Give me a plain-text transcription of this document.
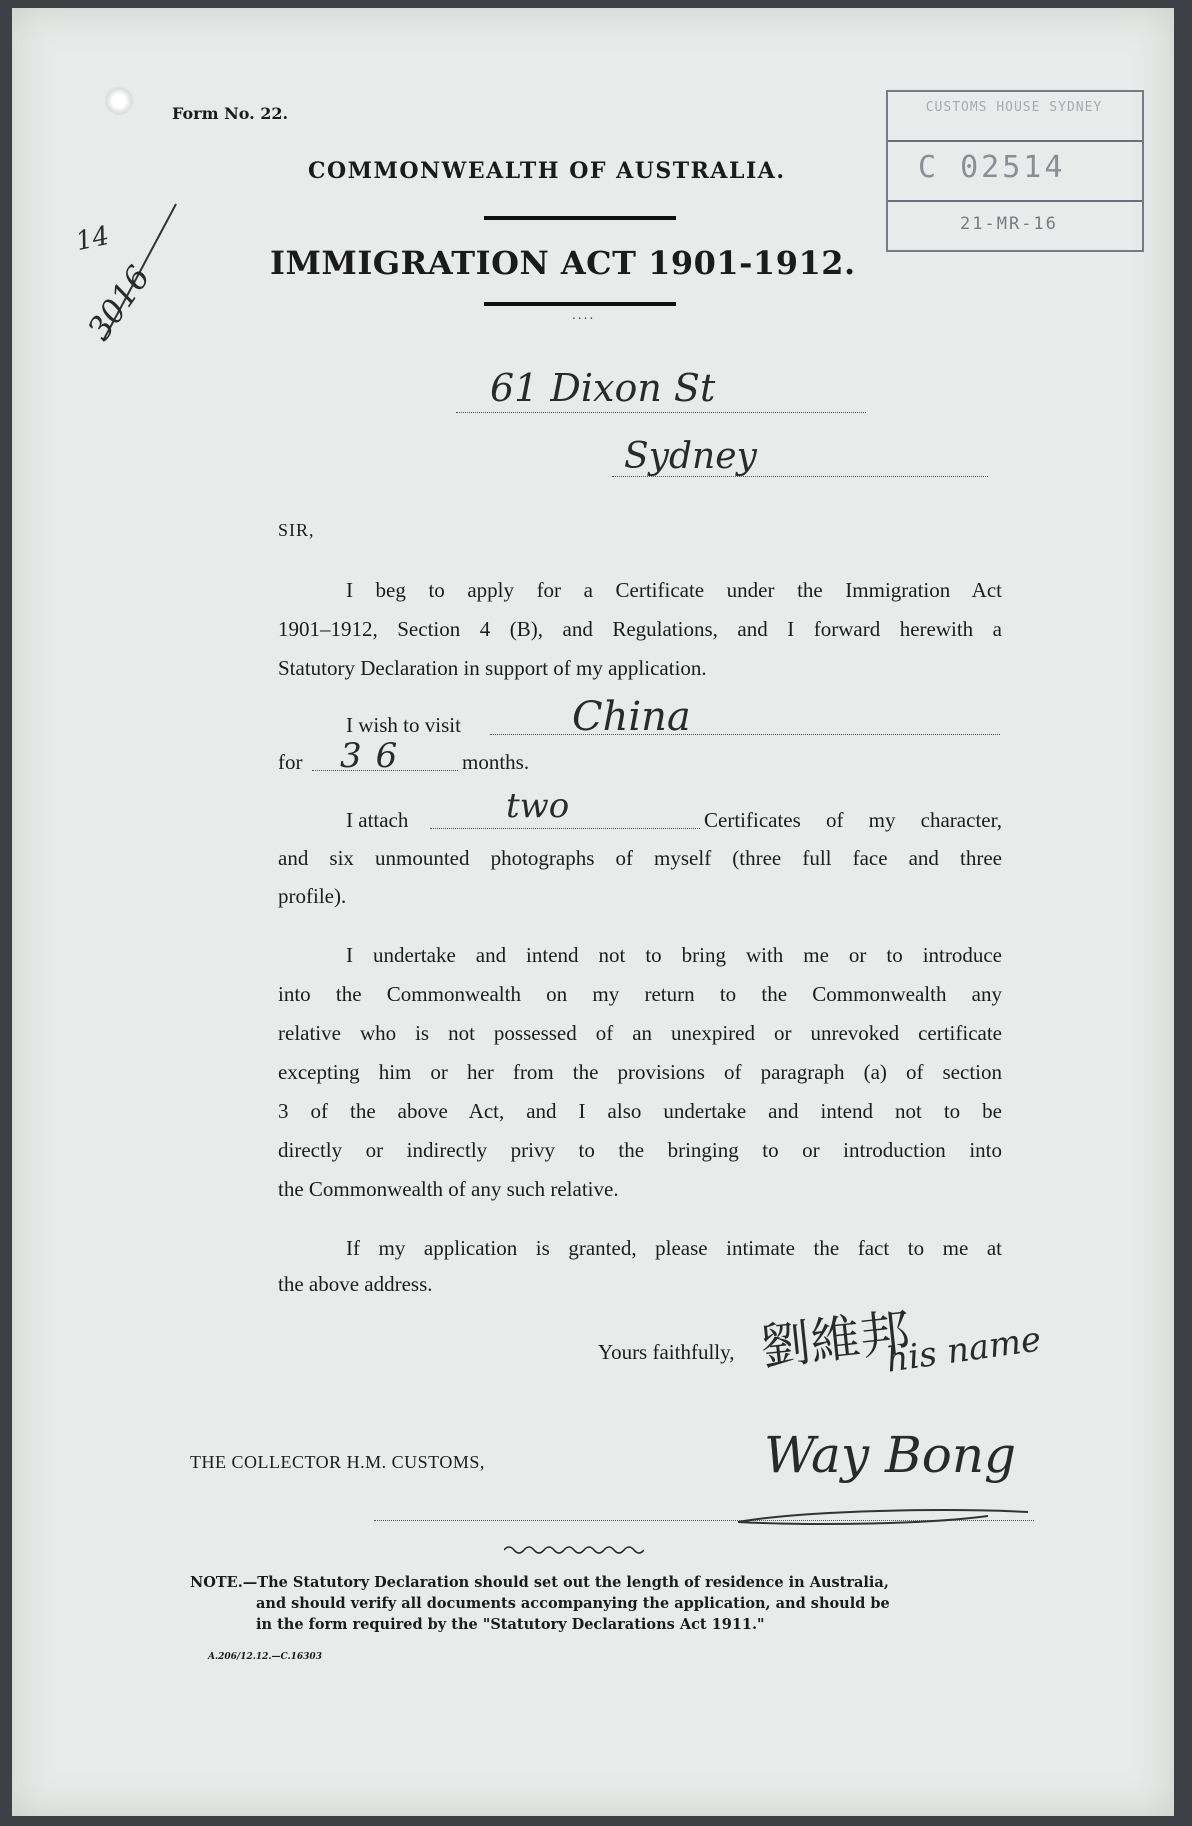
Form No. 22.
COMMONWEALTH OF AUSTRALIA.
IMMIGRATION ACT 1901-1912.
....
14
3016
CUSTOMS HOUSE SYDNEY
C 02514
21-MR-16
61 Dixon St
Sydney
SIR,
I beg to apply for a Certificate under the Immigration Act
1901–1912, Section 4 (B), and Regulations, and I forward herewith a
Statutory Declaration in support of my application.
I wish to visit	China
for 36 months.
I attach	two	Certificates of my character,
and six unmounted photographs of myself (three full face and three
profile).
I undertake and intend not to bring with me or to introduce
into the Commonwealth on my return to the Commonwealth any
relative who is not possessed of an unexpired or unrevoked certificate
excepting him or her from the provisions of paragraph (a) of section
3 of the above Act, and I also undertake and intend not to be
directly or indirectly privy to the bringing to or introduction into
the Commonwealth of any such relative.
If my application is granted, please intimate the fact to me at
the above address.
Yours faithfully, 劉維邦
his name
Way Bong
THE COLLECTOR H.M. CUSTOMS,
NOTE.—The Statutory Declaration should set out the length of residence in Australia,
and should verify all documents accompanying the application, and should be
in the form required by the "Statutory Declarations Act 1911."
A.206/12.12.—C.16303
